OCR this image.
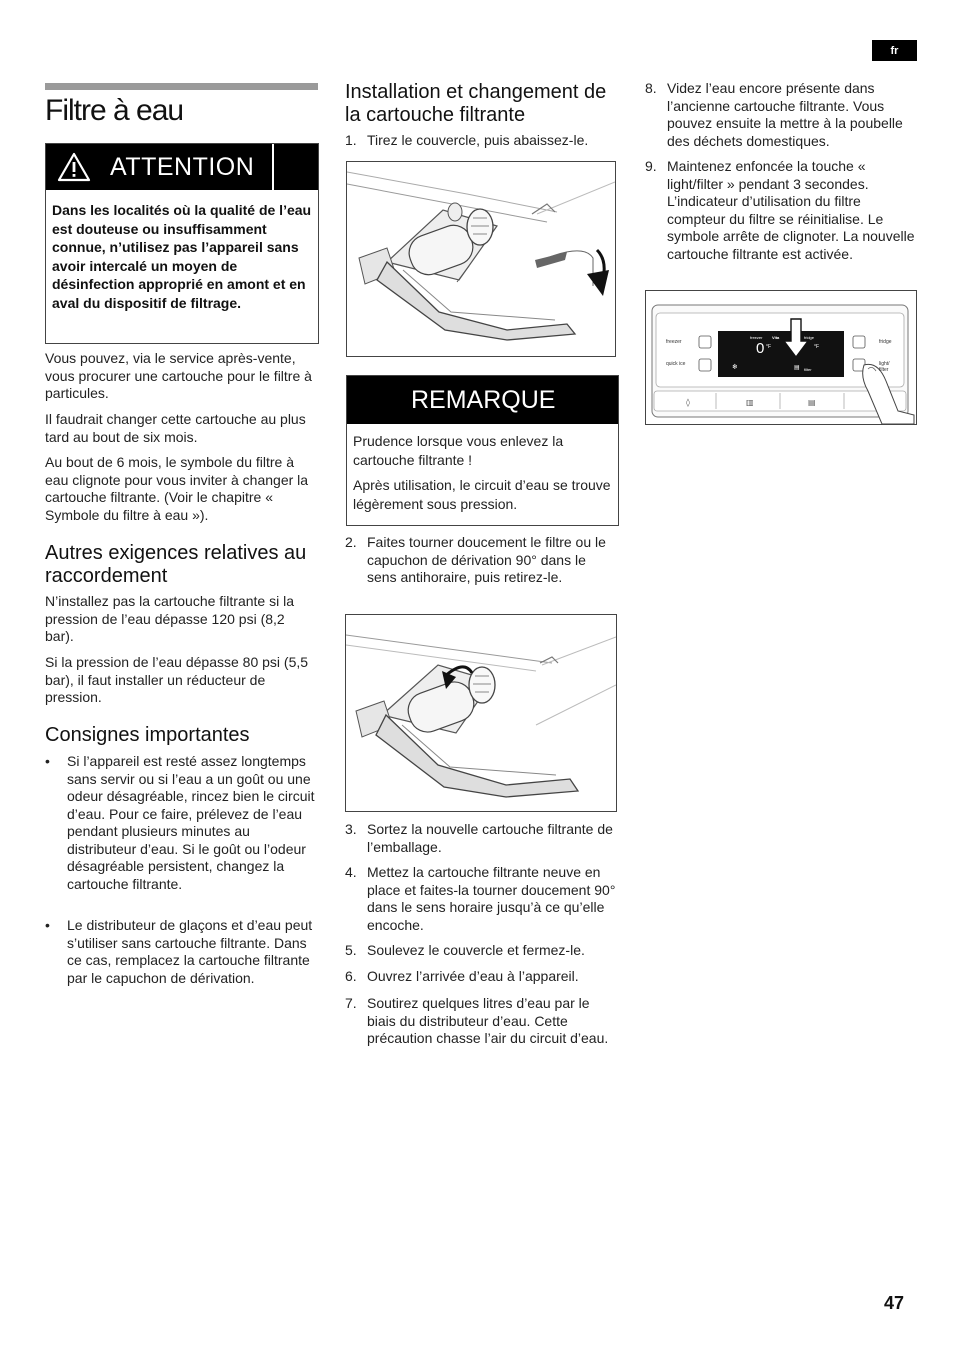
fr
Filtre à eau
ATTENTION
Dans les localités où la qualité de l’eau est douteuse ou insuffisamment connue, n’utilisez pas l’appareil sans avoir intercalé un moyen de désinfection approprié en amont et en aval du dispositif de filtrage.

Vous pouvez, via le service après-vente, vous procurer une cartouche pour le filtre à particules.

Il faudrait changer cette cartouche au plus tard au bout de six mois.

Au bout de 6 mois, le symbole du filtre à eau clignote pour vous inviter à changer la cartouche filtrante. (Voir le chapitre « Symbole du filtre à eau »).

Autres exigences relatives au raccordement

N’installez pas la cartouche filtrante si la pression de l’eau dépasse 120 psi (8,2 bar).

Si la pression de l’eau dépasse 80 psi (5,5 bar), il faut installer un réducteur de pression.

Consignes importantes
• Si l’appareil est resté assez longtemps sans servir ou si l’eau a un goût ou une odeur désagréable, rincez bien le circuit d’eau. Pour ce faire, prélevez de l’eau pendant plusieurs minutes au distributeur d’eau. Si le goût ou l’odeur désagréable persistent, changez la cartouche filtrante.
• Le distributeur de glaçons et d’eau peut s’utiliser sans cartouche filtrante. Dans ce cas, remplacez la cartouche filtrante par le capuchon de dérivation.
Installation et changement de la cartouche filtrante
1. Tirez le couvercle, puis abaissez-le.
REMARQUE

Prudence lorsque vous enlevez la cartouche filtrante !

Après utilisation, le circuit d’eau se trouve légèrement sous pression.

2. Faites tourner doucement le filtre ou le capuchon de dérivation 90° dans le sens antihoraire, puis retirez-le.
3. Sortez la nouvelle cartouche filtrante de l’emballage.
4. Mettez la cartouche filtrante neuve en place et faites-la tourner doucement 90° dans le sens horaire jusqu’à ce qu’elle encoche.
5. Soulevez le couvercle et fermez-le.
6. Ouvrez l’arrivée d’eau à l’appareil.
7. Soutirez quelques litres d’eau par le biais du distributeur d’eau. Cette précaution chasse l’air du circuit d’eau.
8. Videz l’eau encore présente dans l’ancienne cartouche filtrante. Vous pouvez ensuite la mettre à la poubelle des déchets domestiques.
9. Maintenez enfoncée la touche « light/filter » pendant 3 secondes. L’indicateur d’utilisation du filtre compteur du filtre se réinitialise. Le symbole arrête de clignoter. La nouvelle cartouche filtrante est activée.
◊	▥	▤
freezer
quick ice
fridge
light/ filter
freezer Vita	fridge
0 °F	°F
filter
❄	▤
47
